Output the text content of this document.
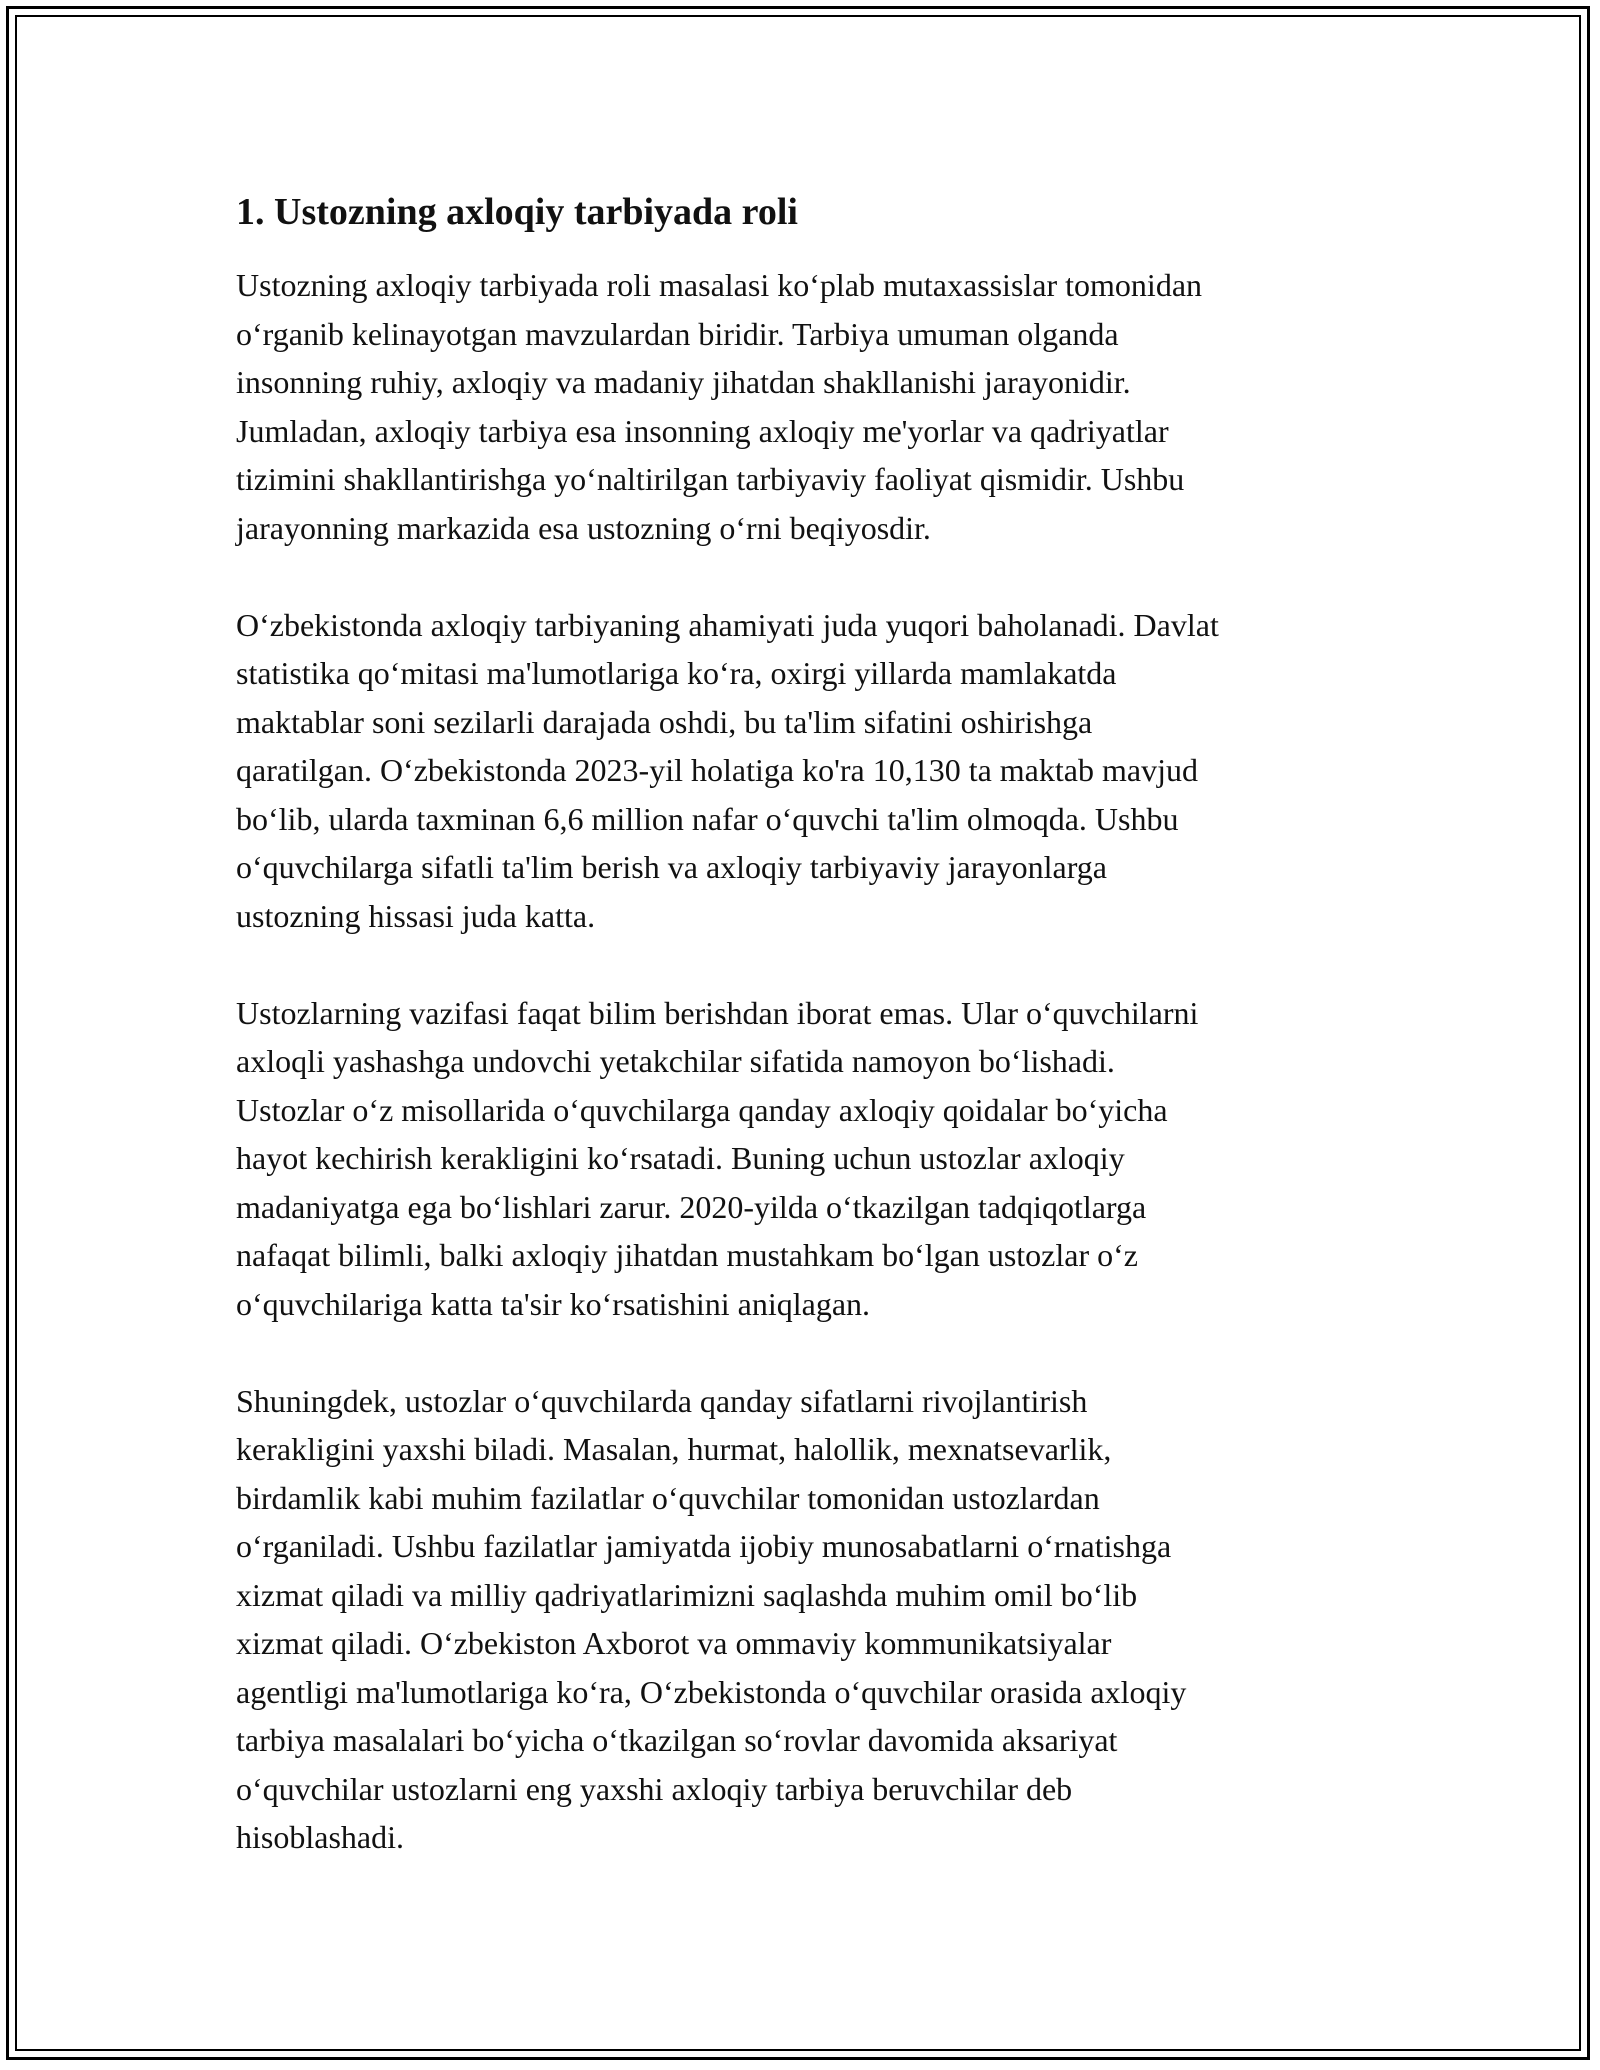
1. Ustozning axloqiy tarbiyada roli

Ustozning axloqiy tarbiyada roli masalasi ko‘plab mutaxassislar tomonidan
o‘rganib kelinayotgan mavzulardan biridir. Tarbiya umuman olganda
insonning ruhiy, axloqiy va madaniy jihatdan shakllanishi jarayonidir.
Jumladan, axloqiy tarbiya esa insonning axloqiy me'yorlar va qadriyatlar
tizimini shakllantirishga yo‘naltirilgan tarbiyaviy faoliyat qismidir. Ushbu
jarayonning markazida esa ustozning o‘rni beqiyosdir.

O‘zbekistonda axloqiy tarbiyaning ahamiyati juda yuqori baholanadi. Davlat
statistika qo‘mitasi ma'lumotlariga ko‘ra, oxirgi yillarda mamlakatda
maktablar soni sezilarli darajada oshdi, bu ta'lim sifatini oshirishga
qaratilgan. O‘zbekistonda 2023-yil holatiga ko'ra 10,130 ta maktab mavjud
bo‘lib, ularda taxminan 6,6 million nafar o‘quvchi ta'lim olmoqda. Ushbu
o‘quvchilarga sifatli ta'lim berish va axloqiy tarbiyaviy jarayonlarga
ustozning hissasi juda katta.

Ustozlarning vazifasi faqat bilim berishdan iborat emas. Ular o‘quvchilarni
axloqli yashashga undovchi yetakchilar sifatida namoyon bo‘lishadi.
Ustozlar o‘z misollarida o‘quvchilarga qanday axloqiy qoidalar bo‘yicha
hayot kechirish kerakligini ko‘rsatadi. Buning uchun ustozlar axloqiy
madaniyatga ega bo‘lishlari zarur. 2020-yilda o‘tkazilgan tadqiqotlarga
nafaqat bilimli, balki axloqiy jihatdan mustahkam bo‘lgan ustozlar o‘z
o‘quvchilariga katta ta'sir ko‘rsatishini aniqlagan.

Shuningdek, ustozlar o‘quvchilarda qanday sifatlarni rivojlantirish
kerakligini yaxshi biladi. Masalan, hurmat, halollik, mexnatsevarlik,
birdamlik kabi muhim fazilatlar o‘quvchilar tomonidan ustozlardan
o‘rganiladi. Ushbu fazilatlar jamiyatda ijobiy munosabatlarni o‘rnatishga
xizmat qiladi va milliy qadriyatlarimizni saqlashda muhim omil bo‘lib
xizmat qiladi. O‘zbekiston Axborot va ommaviy kommunikatsiyalar
agentligi ma'lumotlariga ko‘ra, O‘zbekistonda o‘quvchilar orasida axloqiy
tarbiya masalalari bo‘yicha o‘tkazilgan so‘rovlar davomida aksariyat
o‘quvchilar ustozlarni eng yaxshi axloqiy tarbiya beruvchilar deb
hisoblashadi.
